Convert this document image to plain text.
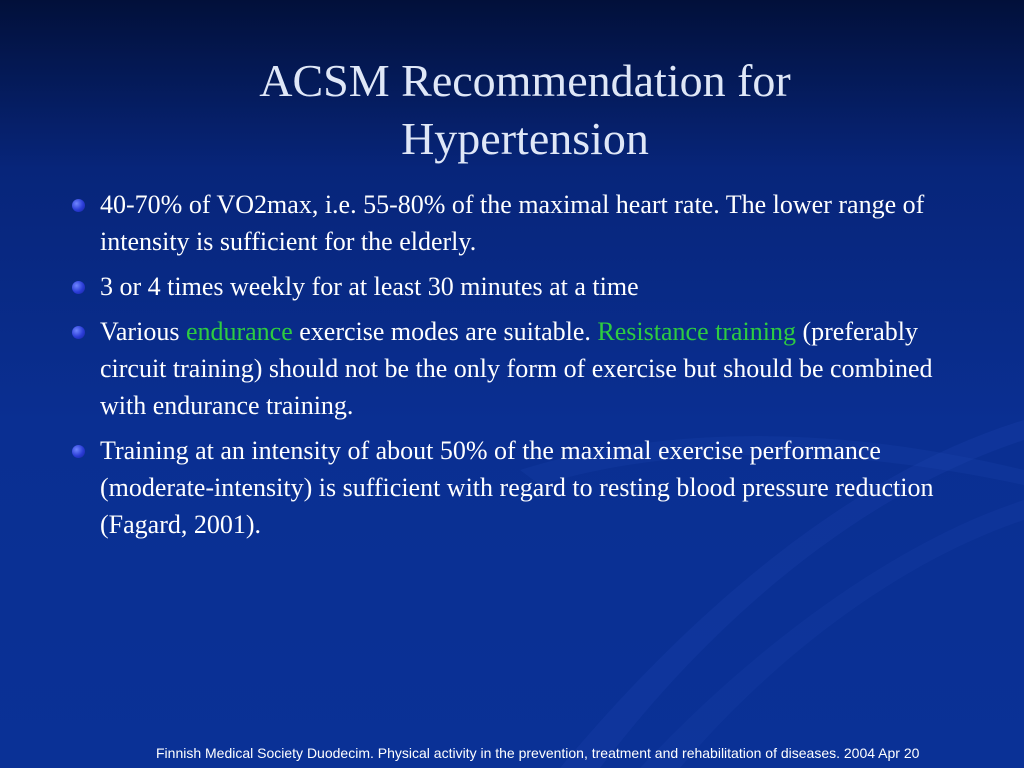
ACSM Recommendation for
Hypertension
40-70% of VO2max, i.e. 55-80% of the maximal heart rate. The lower range of intensity is sufficient for the elderly.
3 or 4 times weekly for at least 30 minutes at a time
Various endurance exercise modes are suitable. Resistance training (preferably circuit training) should not be the only form of exercise but should be combined with endurance training.
Training at an intensity of about 50% of the maximal exercise performance (moderate-intensity) is sufficient with regard to resting blood pressure reduction (Fagard, 2001).
Finnish Medical Society Duodecim. Physical activity in the prevention, treatment and rehabilitation of diseases. 2004 Apr 20
